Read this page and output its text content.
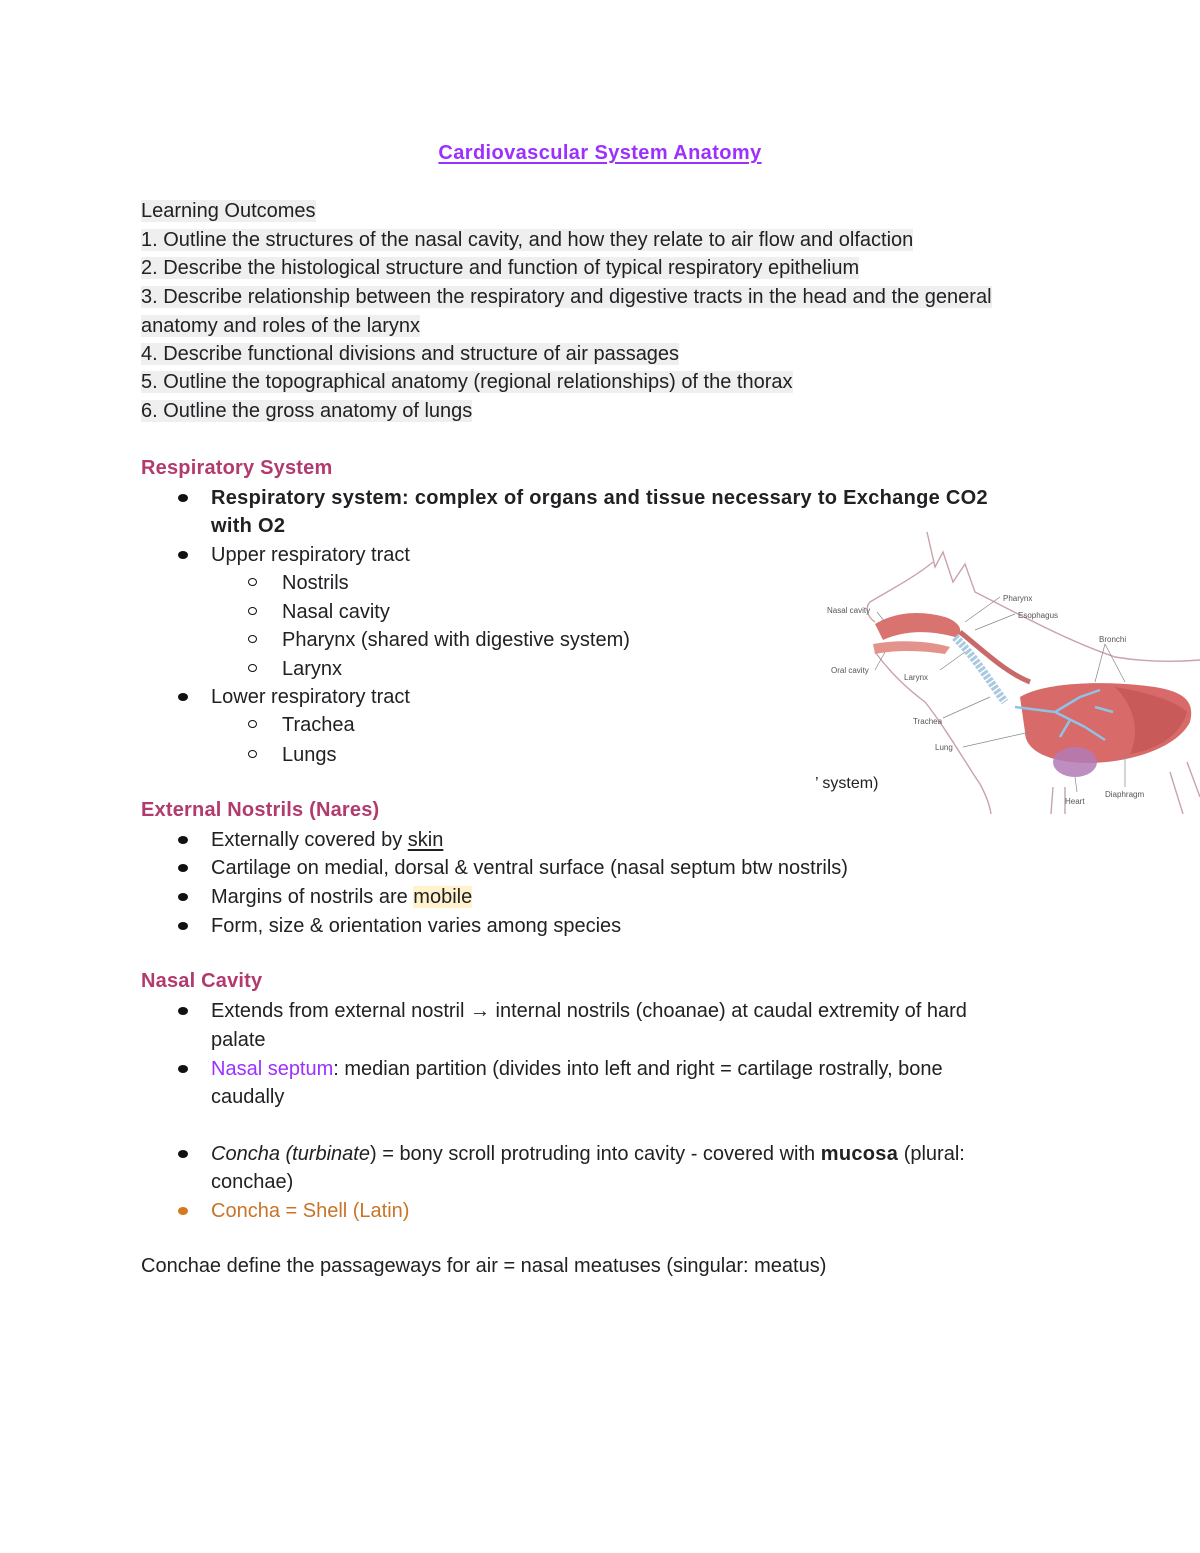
Cardiovascular System Anatomy
Learning Outcomes
1. Outline the structures of the nasal cavity, and how they relate to air flow and olfaction
2. Describe the histological structure and function of typical respiratory epithelium
3. Describe relationship between the respiratory and digestive tracts in the head and the general
anatomy and roles of the larynx
4. Describe functional divisions and structure of air passages
5. Outline the topographical anatomy (regional relationships) of the thorax
6. Outline the gross anatomy of lungs
Respiratory System
Respiratory system: complex of organs and tissue necessary to Exchange CO2
with O2
Upper respiratory tract
Nostrils
Nasal cavity
Pharynx (shared with digestive system)
Larynx
Lower respiratory tract
Trachea
Lungs
Nasal cavity
Oral cavity
Pharynx
Esophagus
Larynx
Trachea
Lung
Bronchi
Heart
Diaphragm
’ system)
External Nostrils (Nares)
Externally covered by skin
Cartilage on medial, dorsal & ventral surface (nasal septum btw nostrils)
Margins of nostrils are mobile
Form, size & orientation varies among species
Nasal Cavity
Extends from external nostril → internal nostrils (choanae) at caudal extremity of hard
palate
Nasal septum: median partition (divides into left and right = cartilage rostrally, bone
caudally
Concha (turbinate) = bony scroll protruding into cavity - covered with mucosa (plural:
conchae)
Concha = Shell (Latin)
Conchae define the passageways for air = nasal meatuses (singular: meatus)
